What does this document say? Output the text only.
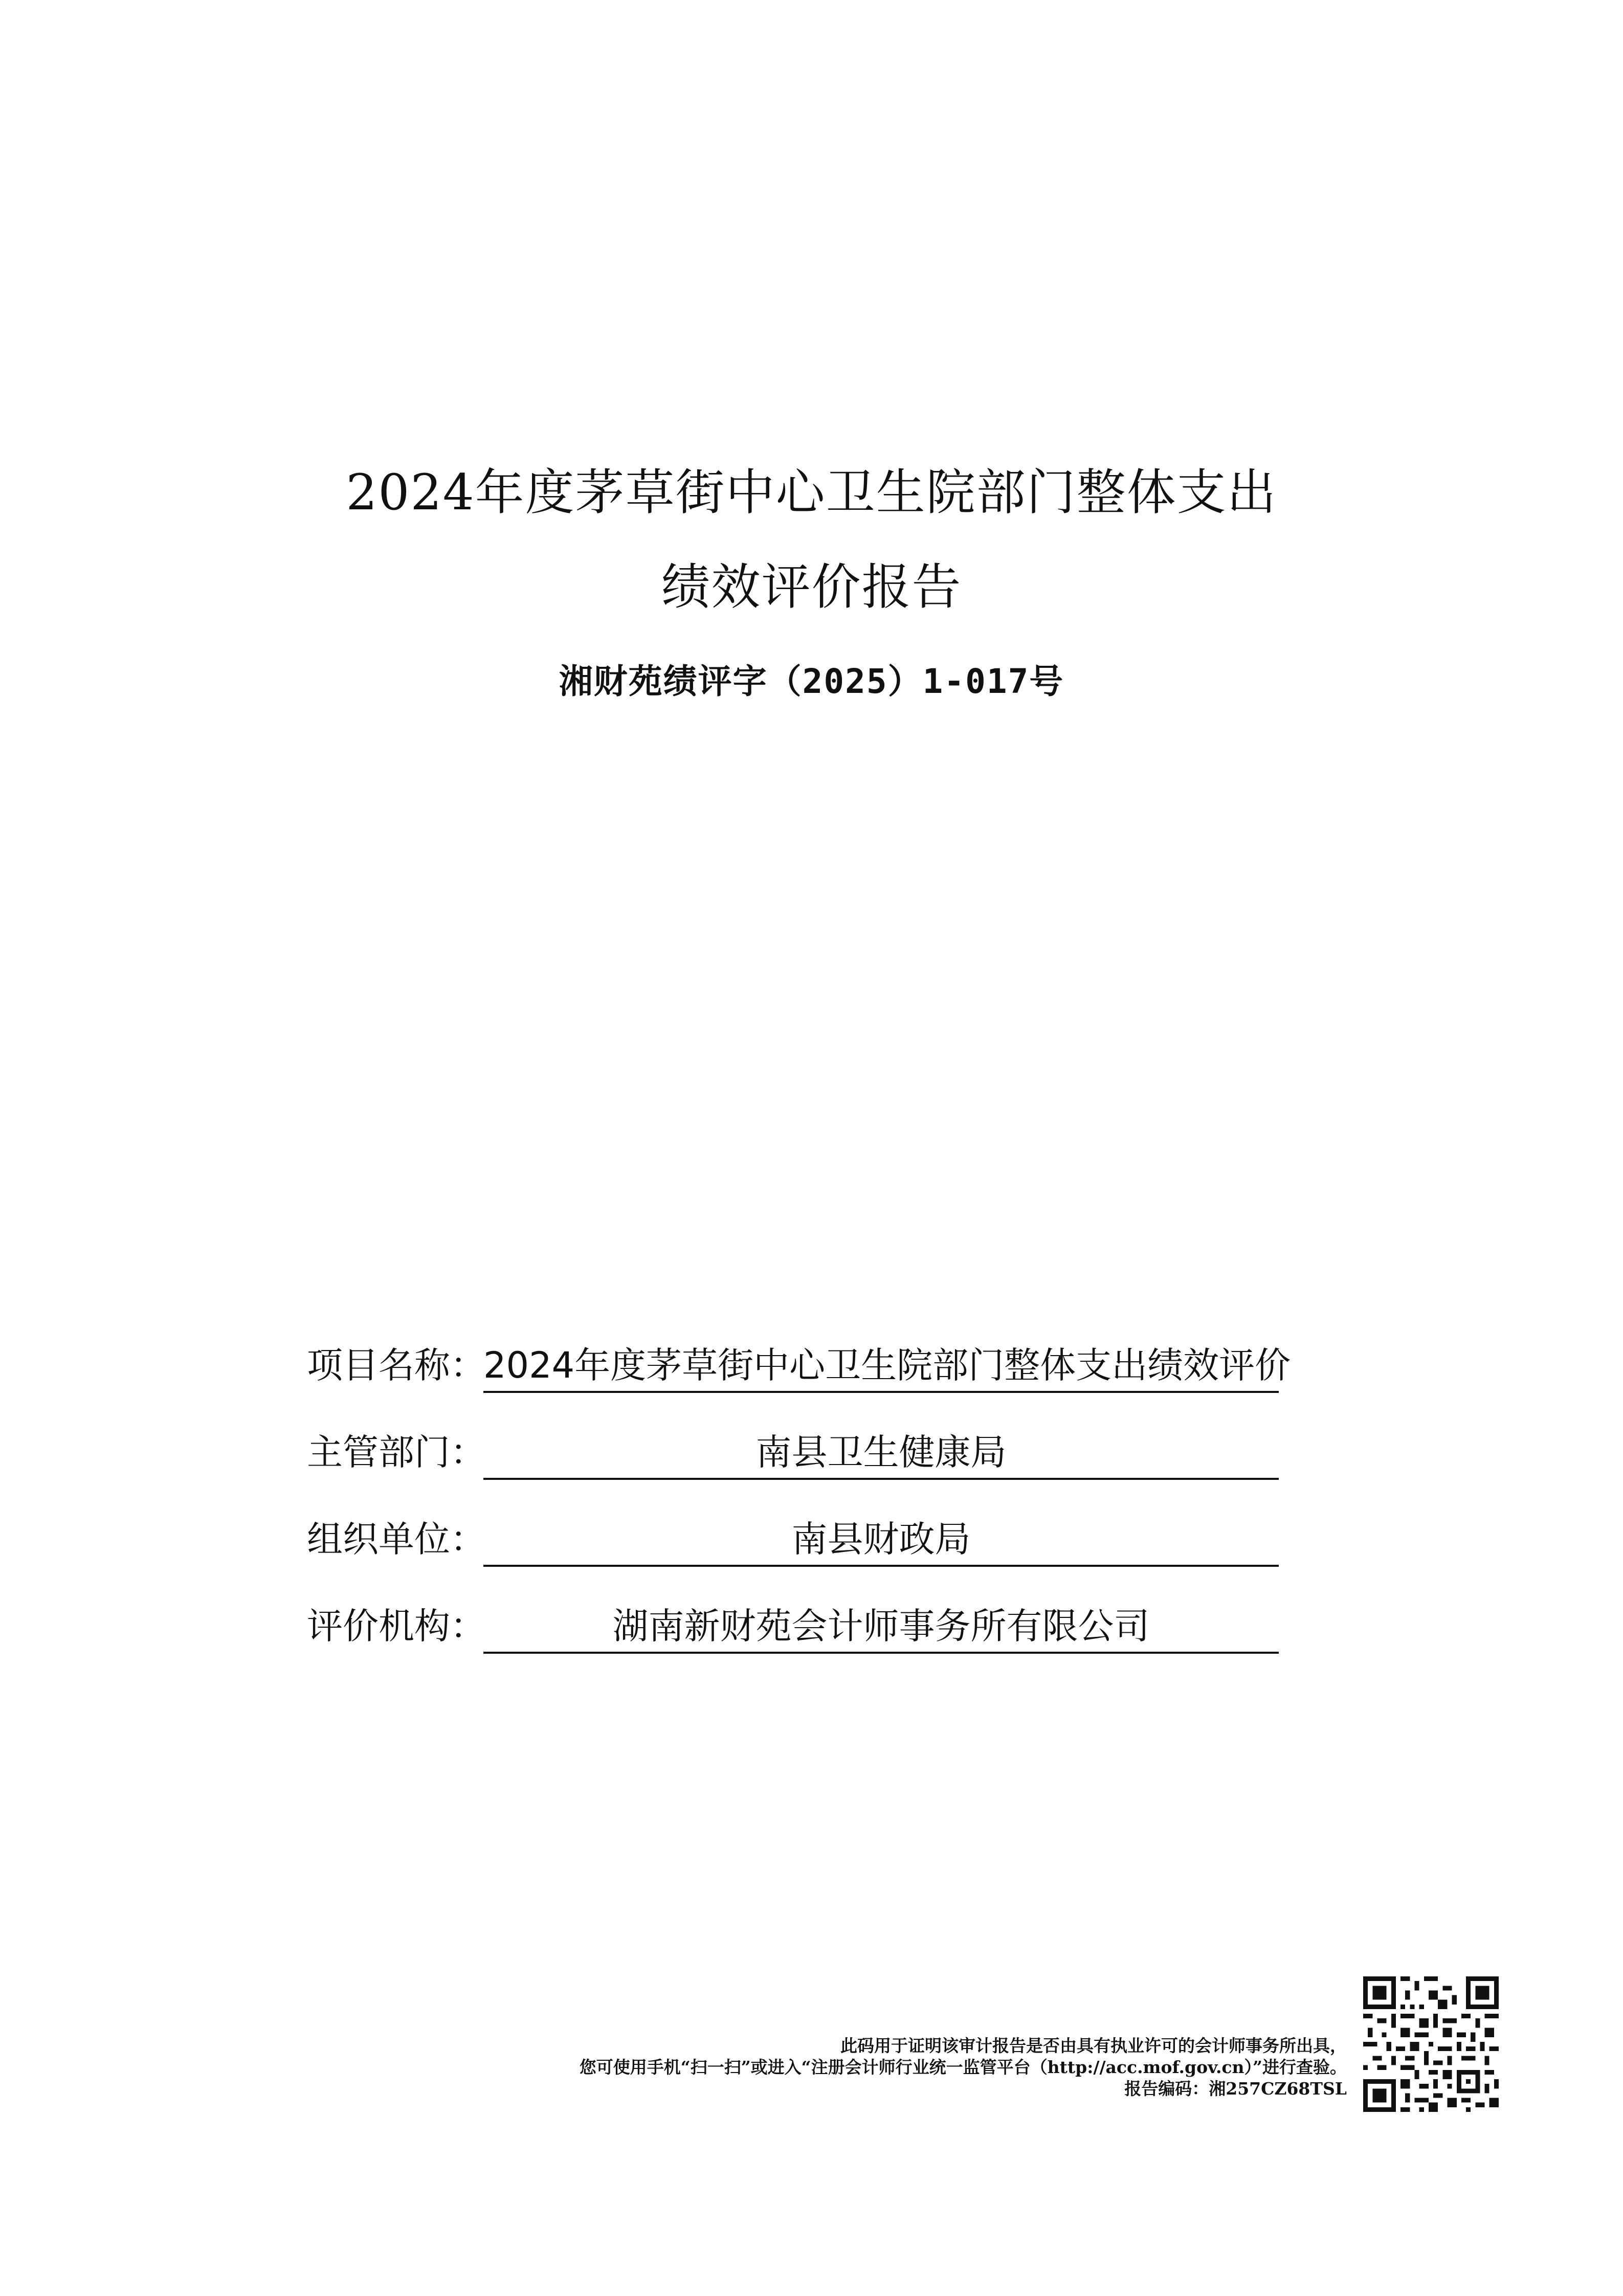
2024年度茅草街中心卫生院部门整体支出
绩效评价报告
湘财苑绩评字（2025）1-017号
项目名称：
2024年度茅草街中心卫生院部门整体支出绩效评价
主管部门：	南县卫生健康局
组织单位：	南县财政局
评价机构：	湖南新财苑会计师事务所有限公司
此码用于证明该审计报告是否由具有执业许可的会计师事务所出具，
您可使用手机“扫一扫”或进入“注册会计师行业统一监管平台（http://acc.mof.gov.cn）”进行查验。
报告编码：湘257CZ68TSL
